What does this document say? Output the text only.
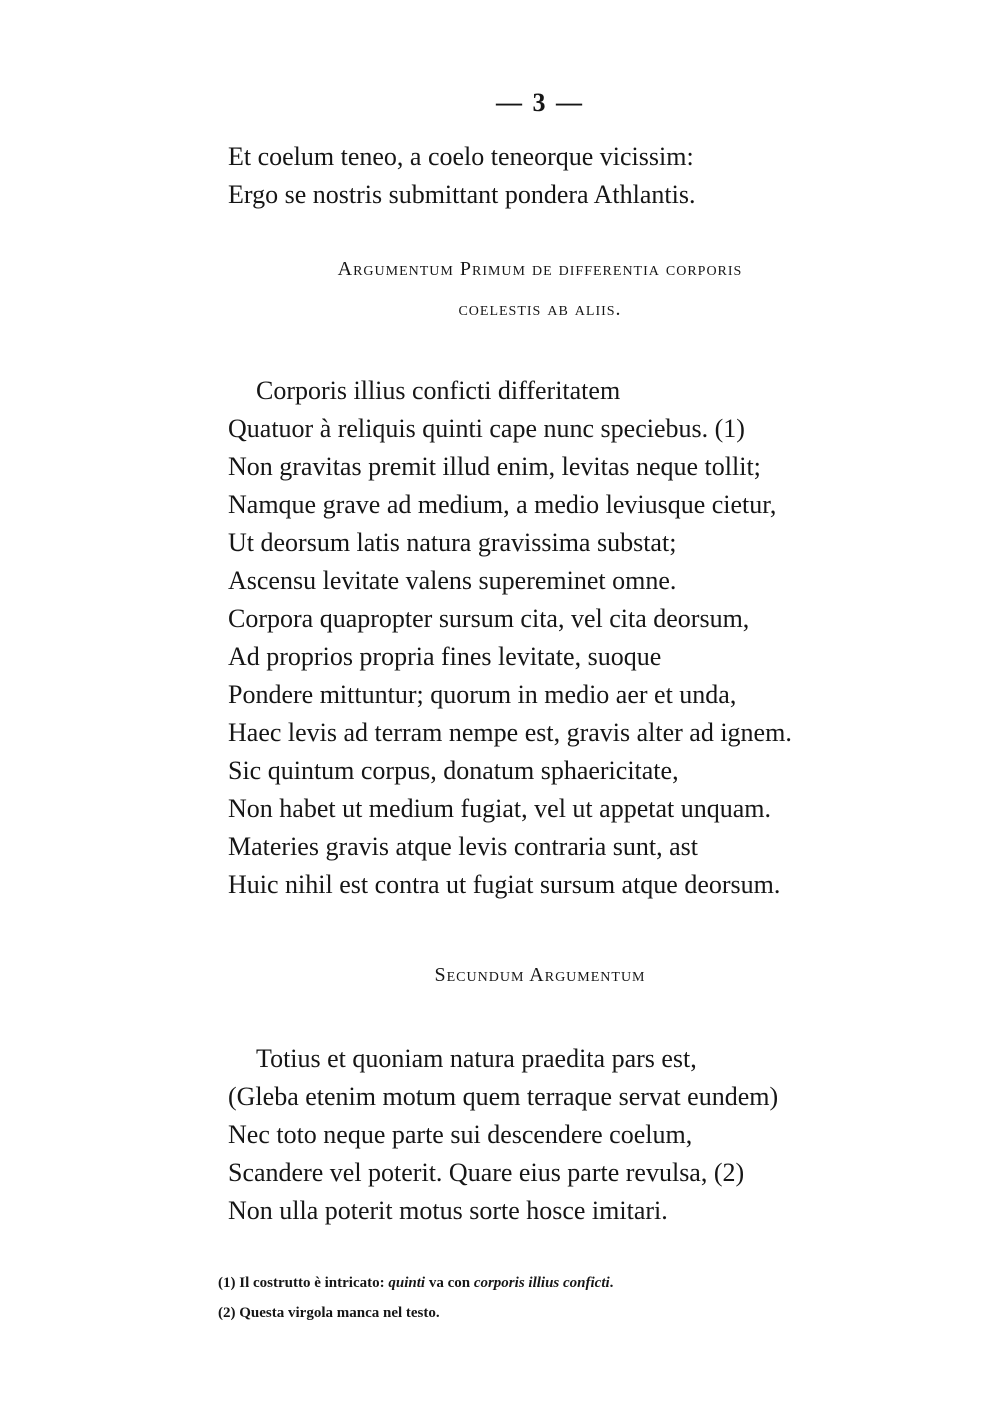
— 3 —
Et coelum teneo, a coelo teneorque vicissim:
Ergo se nostris submittant pondera Athlantis.
Argumentum Primum de differentia corporis
coelestis ab aliis.
Corporis illius conficti differitatem
Quatuor à reliquis quinti cape nunc speciebus. (1)
Non gravitas premit illud enim, levitas neque tollit;
Namque grave ad medium, a medio leviusque cietur,
Ut deorsum latis natura gravissima substat;
Ascensu levitate valens supereminet omne.
Corpora quapropter sursum cita, vel cita deorsum,
Ad proprios propria fines levitate, suoque
Pondere mittuntur; quorum in medio aer et unda,
Haec levis ad terram nempe est, gravis alter ad ignem.
Sic quintum corpus, donatum sphaericitate,
Non habet ut medium fugiat, vel ut appetat unquam.
Materies gravis atque levis contraria sunt, ast
Huic nihil est contra ut fugiat sursum atque deorsum.
Secundum Argumentum
Totius et quoniam natura praedita pars est,
(Gleba etenim motum quem terraque servat eundem)
Nec toto neque parte sui descendere coelum,
Scandere vel poterit. Quare eius parte revulsa, (2)
Non ulla poterit motus sorte hosce imitari.
(1) Il costrutto è intricato: quinti va con corporis illius conficti.
(2) Questa virgola manca nel testo.
